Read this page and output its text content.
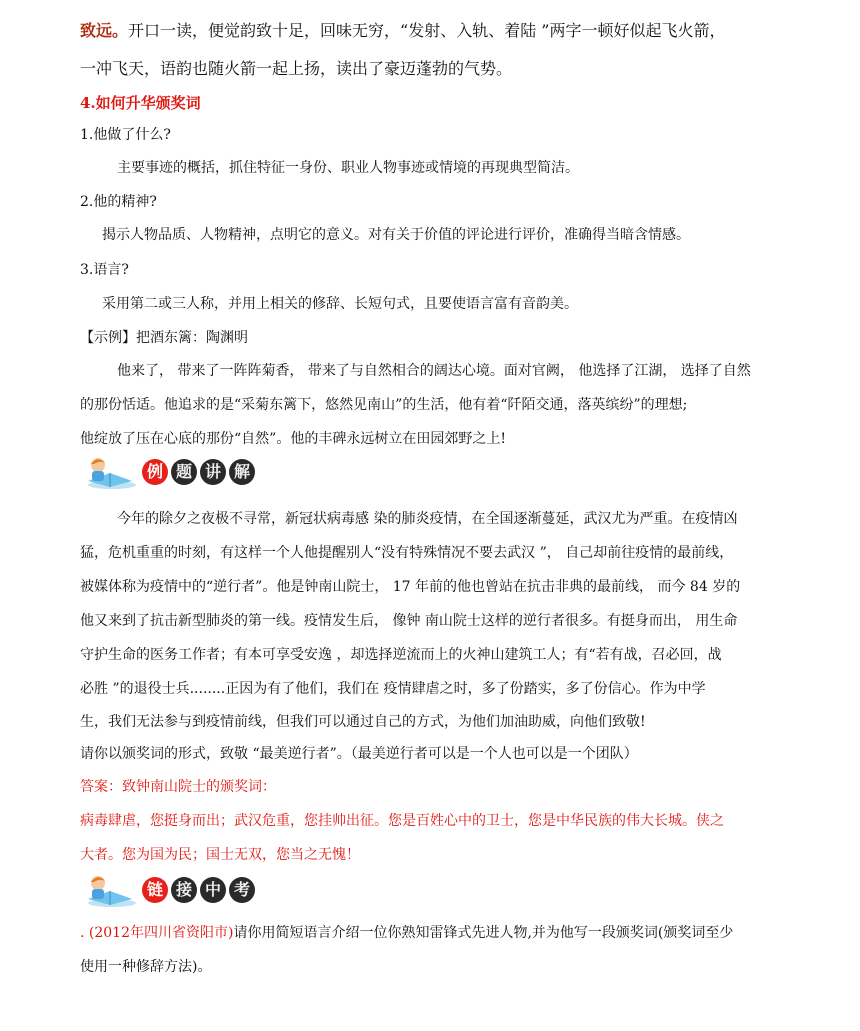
致远。开口一读，便觉韵致十足，回味无穷，“发射、入轨、着陆 ”两字一顿好似起飞火箭，
一冲飞天，语韵也随火箭一起上扬，读出了豪迈蓬勃的气势。
4.如何升华颁奖词
1.他做了什么?
主要事迹的概括，抓住特征一身份、职业人物事迹或情境的再现典型简洁。
2.他的精神?
揭示人物品质、人物精神，点明它的意义。对有关于价值的评论进行评价，准确得当暗含情感。
3.语言?
采用第二或三人称，并用上相关的修辞、长短句式，且要使语言富有音韵美。
【示例】把酒东篱：陶渊明
他来了， 带来了一阵阵菊香， 带来了与自然相合的阔达心境。面对官阙， 他选择了江湖， 选择了自然
的那份恬适。他追求的是“采菊东篱下，悠然见南山”的生活，他有着“阡陌交通，落英缤纷”的理想;
他绽放了压在心底的那份“自然”。他的丰碑永远树立在田园郊野之上!
例 题 讲 解
今年的除夕之夜极不寻常，新冠状病毒感 染的肺炎疫情，在全国逐渐蔓延，武汉尤为严重。在疫情凶
猛，危机重重的时刻，有这样一个人他提醒别人“没有特殊情况不要去武汉 ”， 自己却前往疫情的最前线，
被媒体称为疫情中的“逆行者”。他是钟南山院士， 17 年前的他也曾站在抗击非典的最前线， 而今 84 岁的
他又来到了抗击新型肺炎的第一线。疫情发生后， 像钟 南山院士这样的逆行者很多。有挺身而出， 用生命
守护生命的医务工作者；有本可享受安逸 ，却选择逆流而上的火神山建筑工人；有“若有战，召必回，战
必胜 ”的退役士兵........正因为有了他们，我们在 疫情肆虐之时，多了份踏实，多了份信心。作为中学
生，我们无法参与到疫情前线，但我们可以通过自己的方式，为他们加油助威，向他们致敬!
请你以颁奖词的形式，致敬 “最美逆行者”。（最美逆行者可以是一个人也可以是一个团队）
答案：致钟南山院士的颁奖词：
病毒肆虐，您挺身而出；武汉危重，您挂帅出征。您是百姓心中的卫士，您是中华民族的伟大长城。侠之
大者。您为国为民；国士无双，您当之无愧！
链 接 中 考
. (2012年四川省资阳市)请你用简短语言介绍一位你熟知雷锋式先进人物,并为他写一段颁奖词(颁奖词至少
使用一种修辞方法)。
